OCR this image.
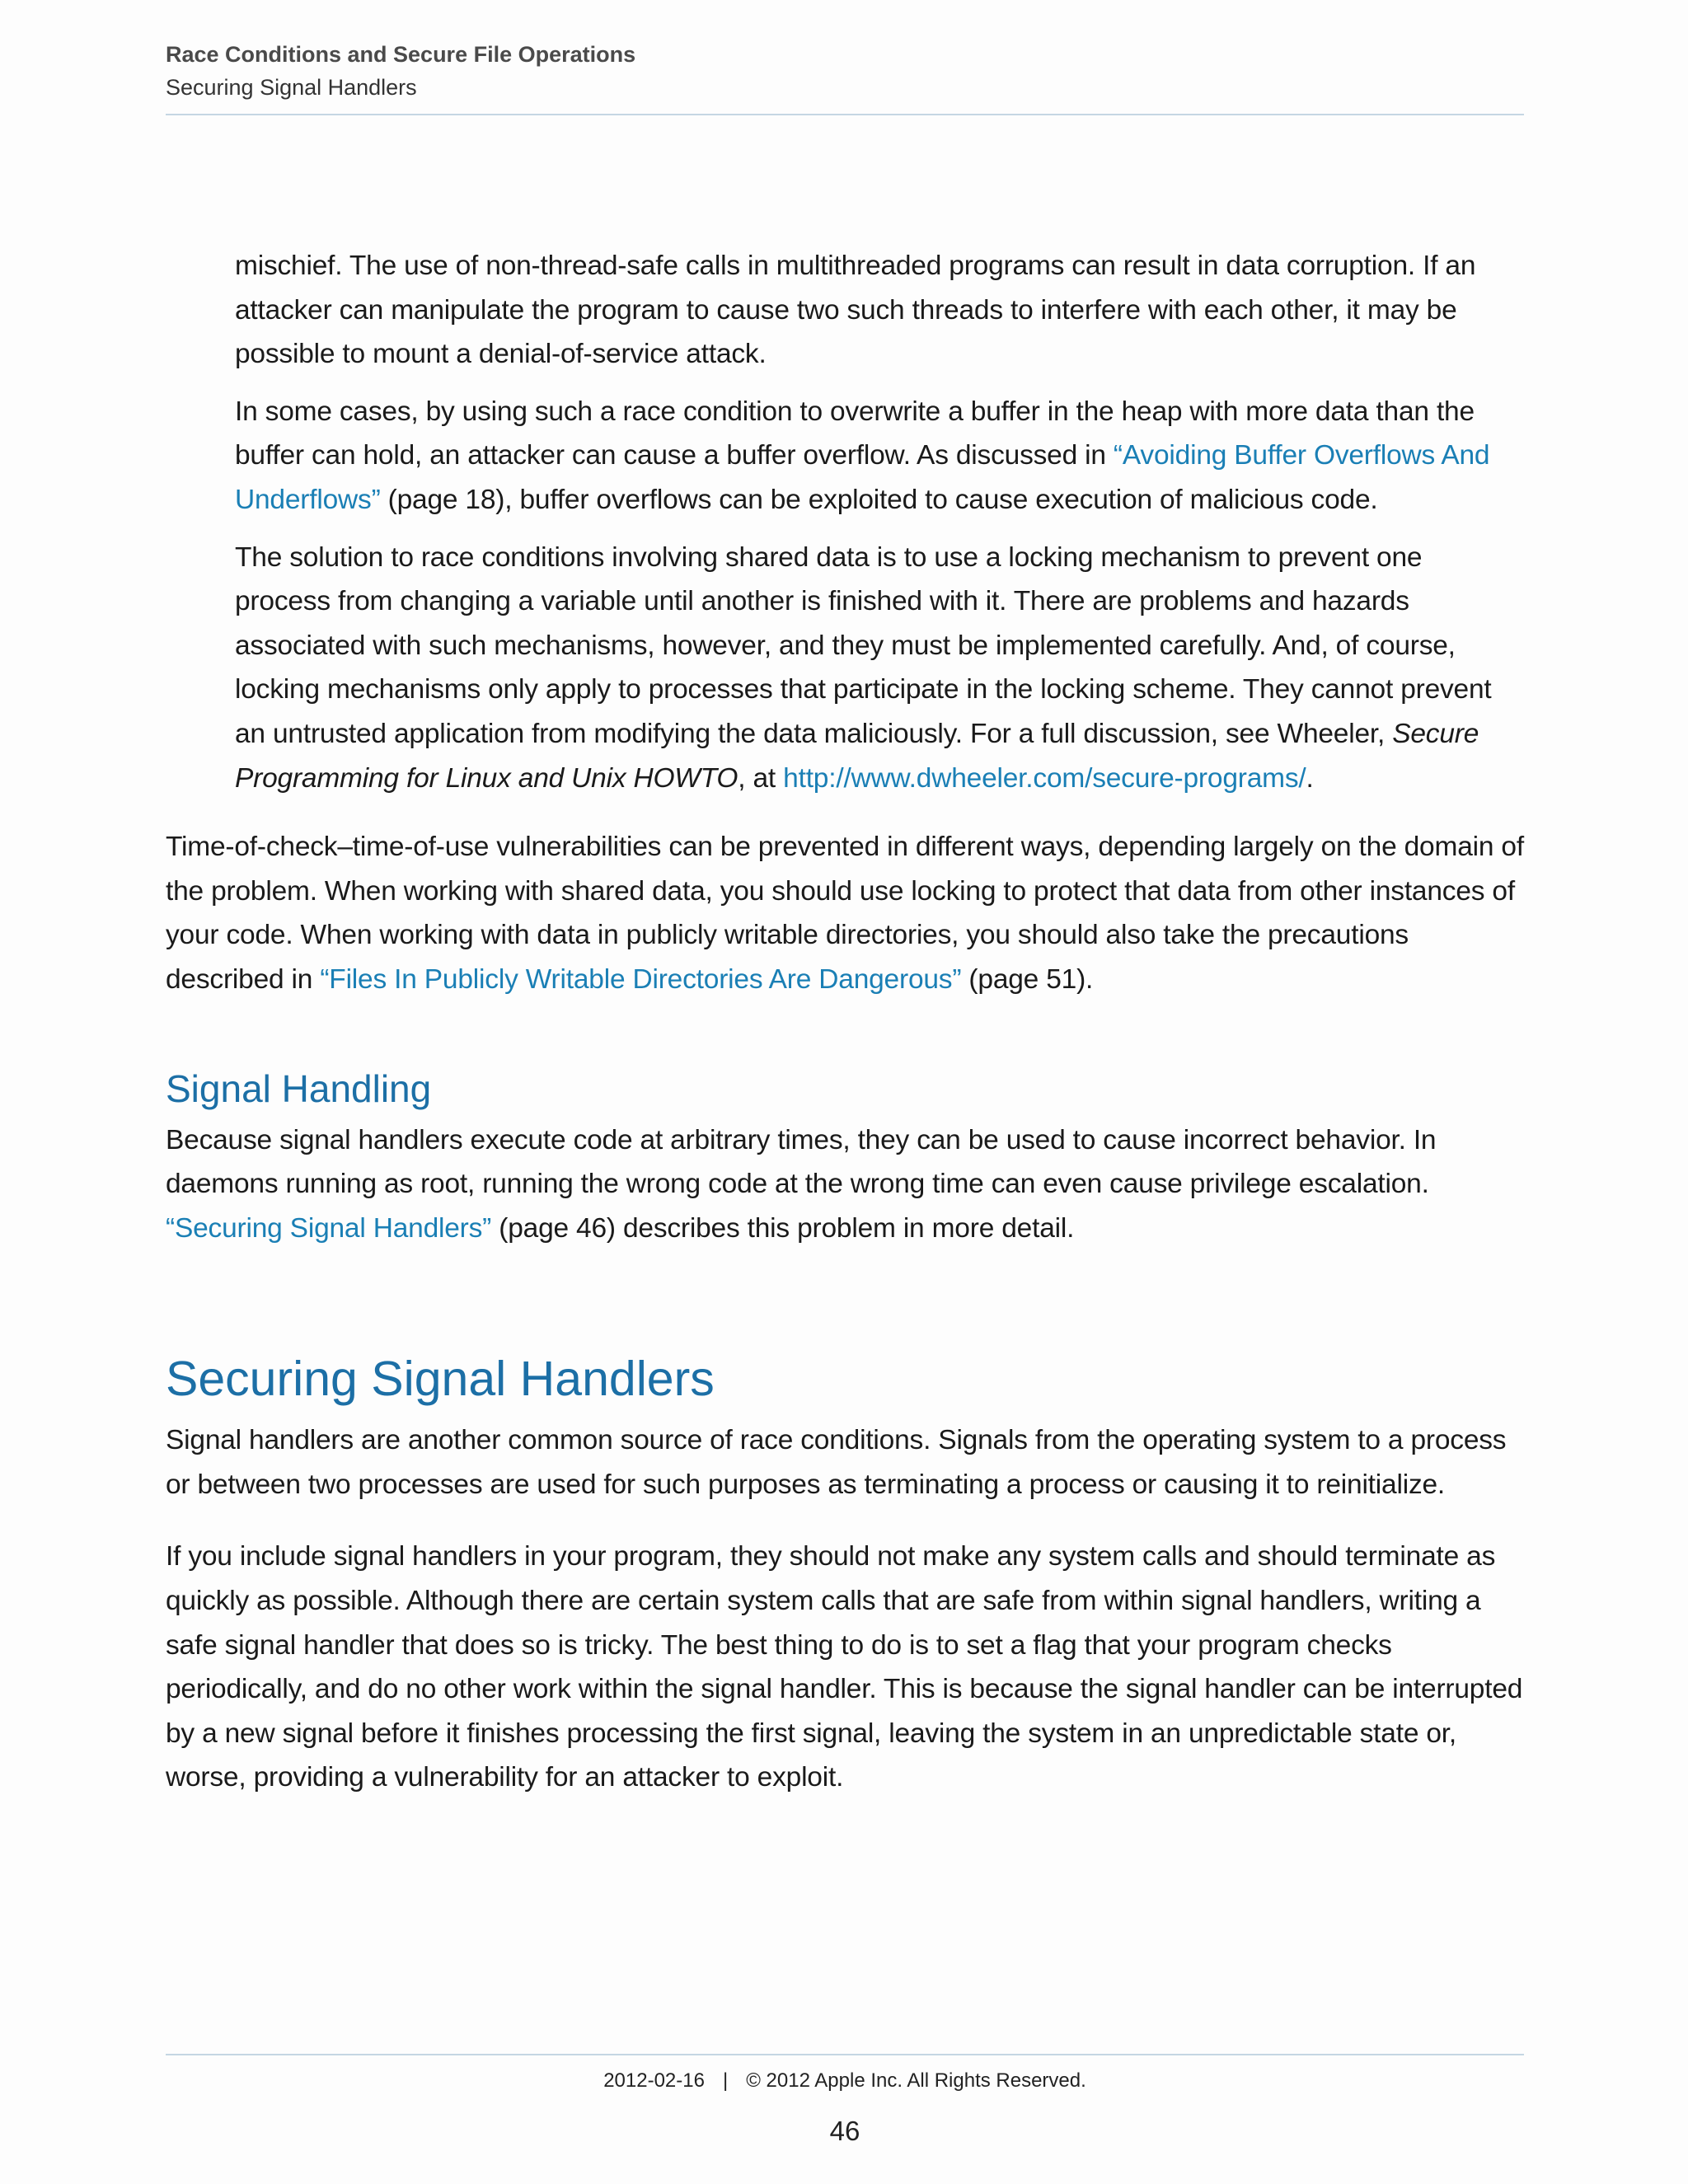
Race Conditions and Secure File Operations
Securing Signal Handlers

mischief. The use of non-thread-safe calls in multithreaded programs can result in data corruption. If an attacker can manipulate the program to cause two such threads to interfere with each other, it may be possible to mount a denial-of-service attack.

In some cases, by using such a race condition to overwrite a buffer in the heap with more data than the buffer can hold, an attacker can cause a buffer overflow. As discussed in “Avoiding Buffer Overflows And Underflows” (page 18), buffer overflows can be exploited to cause execution of malicious code.

The solution to race conditions involving shared data is to use a locking mechanism to prevent one process from changing a variable until another is finished with it. There are problems and hazards associated with such mechanisms, however, and they must be implemented carefully. And, of course, locking mechanisms only apply to processes that participate in the locking scheme. They cannot prevent an untrusted application from modifying the data maliciously. For a full discussion, see Wheeler, Secure Programming for Linux and Unix HOWTO, at http://www.dwheeler.com/secure-programs/.

Time-of-check–time-of-use vulnerabilities can be prevented in different ways, depending largely on the domain of the problem. When working with shared data, you should use locking to protect that data from other instances of your code. When working with data in publicly writable directories, you should also take the precautions described in “Files In Publicly Writable Directories Are Dangerous” (page 51).

Signal Handling

Because signal handlers execute code at arbitrary times, they can be used to cause incorrect behavior. In daemons running as root, running the wrong code at the wrong time can even cause privilege escalation. “Securing Signal Handlers” (page 46) describes this problem in more detail.

Securing Signal Handlers

Signal handlers are another common source of race conditions. Signals from the operating system to a process or between two processes are used for such purposes as terminating a process or causing it to reinitialize.

If you include signal handlers in your program, they should not make any system calls and should terminate as quickly as possible. Although there are certain system calls that are safe from within signal handlers, writing a safe signal handler that does so is tricky. The best thing to do is to set a flag that your program checks periodically, and do no other work within the signal handler. This is because the signal handler can be interrupted by a new signal before it finishes processing the first signal, leaving the system in an unpredictable state or, worse, providing a vulnerability for an attacker to exploit.

2012-02-16 | © 2012 Apple Inc. All Rights Reserved.
46
